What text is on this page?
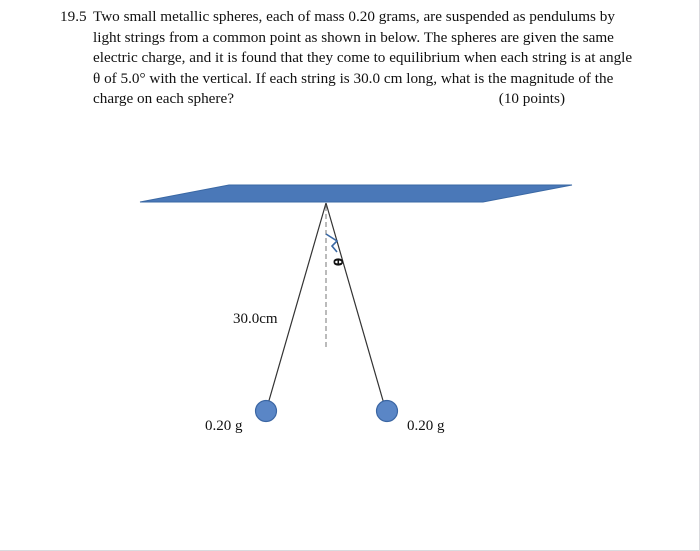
19.5 Two small metallic spheres, each of mass 0.20 grams, are suspended as pendulums by
light strings from a common point as shown in below. The spheres are given the same
electric charge, and it is found that they come to equilibrium when each string is at angle
θ of 5.0° with the vertical. If each string is 30.0 cm long, what is the magnitude of the
charge on each sphere?	(10 points)
θ
30.0cm
0.20 g	0.20 g
